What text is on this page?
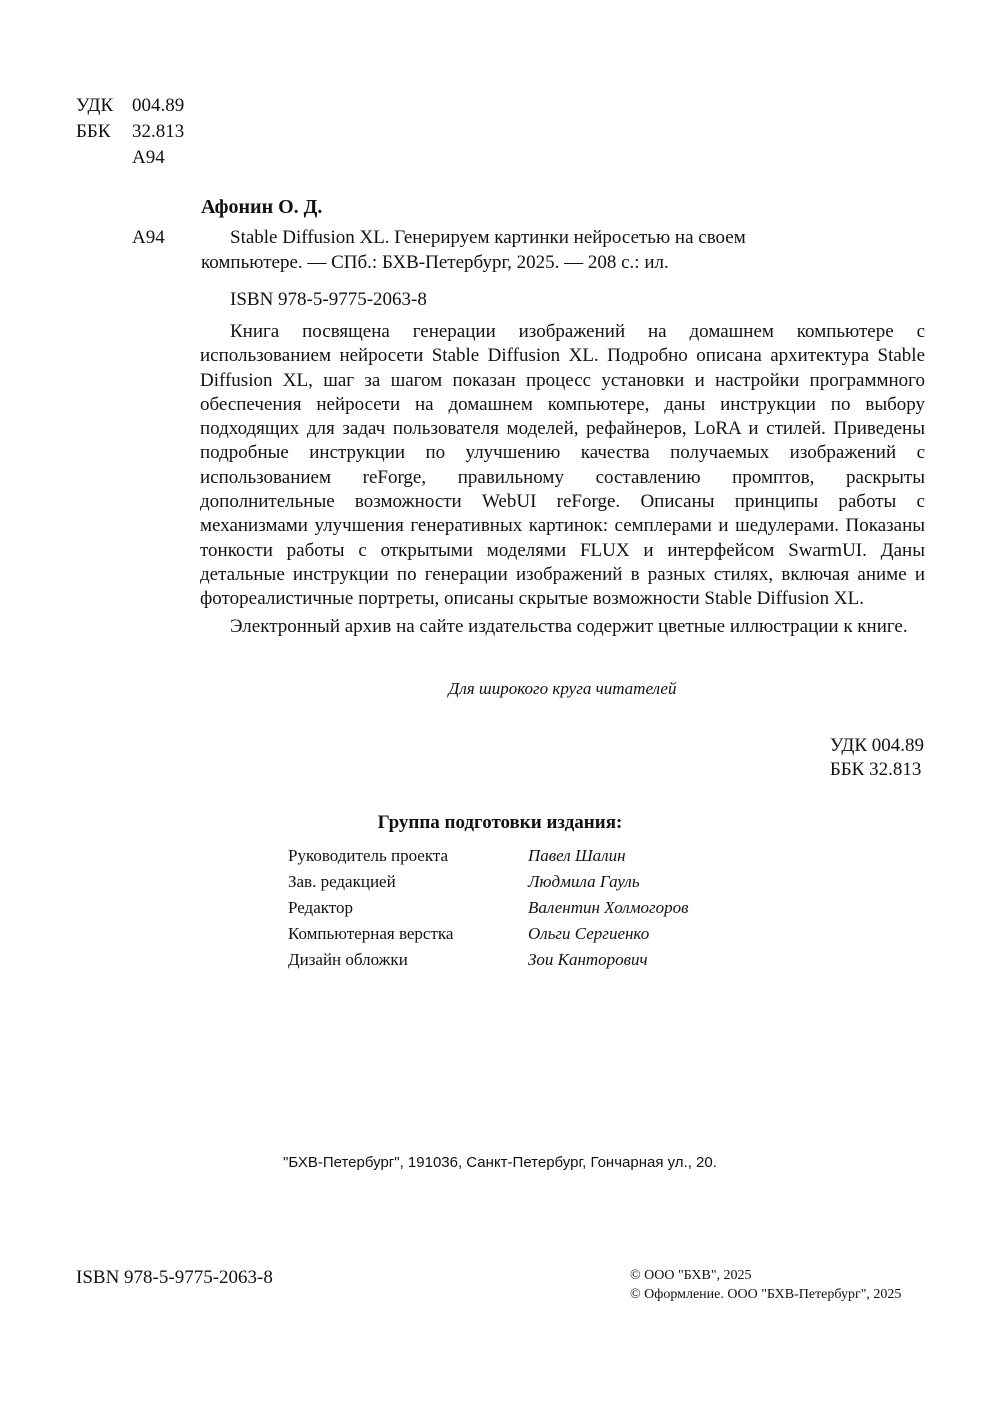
УДК 004.89
ББК 32.813
А94
Афонин О. Д.
А94	Stable Diffusion XL. Генерируем картинки нейросетью на своем
компьютере. — СПб.: БХВ-Петербург, 2025. — 208 с.: ил.
ISBN 978-5-9775-2063-8

Книга посвящена генерации изображений на домашнем компьютере с использованием нейросети Stable Diffusion XL. Подробно описана архитектура Stable Diffusion XL, шаг за шагом показан процесс установки и настройки программного обеспечения нейросети на домашнем компьютере, даны инструкции по выбору подходящих для задач пользователя моделей, рефайнеров, LoRA и стилей. Приведены подробные инструкции по улучшению качества получаемых изображений с использованием reForge, правильному составлению промптов, раскрыты дополнительные возможности WebUI reForge. Описаны принципы работы с механизмами улучшения генеративных картинок: семплерами и шедулерами. Показаны тонкости работы с открытыми моделями FLUX и интерфейсом SwarmUI. Даны детальные инструкции по генерации изображений в разных стилях, включая аниме и фотореалистичные портреты, описаны скрытые возможности Stable Diffusion XL.

Электронный архив на сайте издательства содержит цветные иллюстрации к книге.

Для широкого круга читателей
УДК 004.89
ББК 32.813
Группа подготовки издания:
Руководитель проекта	Павел Шалин
Зав. редакцией	Людмила Гауль
Редактор	Валентин Холмогоров
Компьютерная верстка	Ольги Сергиенко
Дизайн обложки	Зои Канторович
"БХВ-Петербург", 191036, Санкт-Петербург, Гончарная ул., 20.
ISBN 978-5-9775-2063-8	© ООО "БХВ", 2025
© Оформление. ООО "БХВ-Петербург", 2025
